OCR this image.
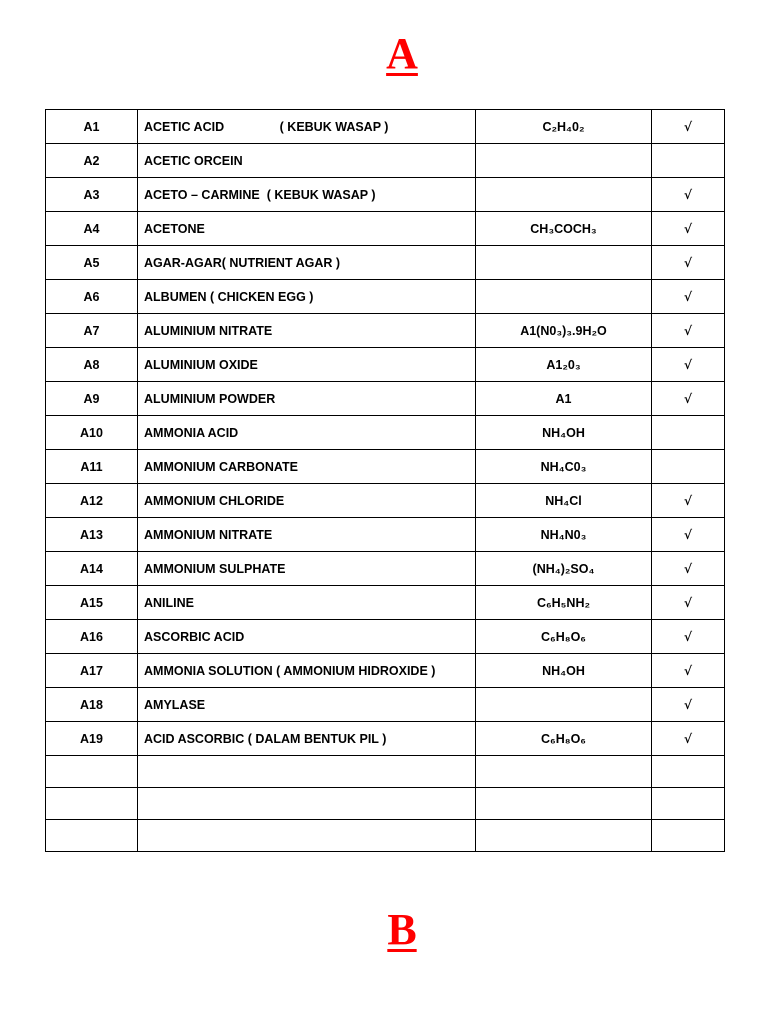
A
A1	ACETIC ACID                ( KEBUK WASAP )	C₂H₄0₂	√
A2	ACETIC ORCEIN		
A3	ACETO – CARMINE  ( KEBUK WASAP )		√
A4	ACETONE	CH₃COCH₃	√
A5	AGAR-AGAR( NUTRIENT AGAR )		√
A6	ALBUMEN ( CHICKEN EGG )		√
A7	ALUMINIUM NITRATE	A1(N0₃)₃.9H₂O	√
A8	ALUMINIUM OXIDE	A1₂0₃	√
A9	ALUMINIUM POWDER	A1	√
A10	AMMONIA ACID	NH₄OH	
A11	AMMONIUM CARBONATE	NH₄C0₃	
A12	AMMONIUM CHLORIDE	NH₄Cl	√
A13	AMMONIUM NITRATE	NH₄N0₃	√
A14	AMMONIUM SULPHATE	(NH₄)₂SO₄	√
A15	ANILINE	C₆H₅NH₂	√
A16	ASCORBIC ACID	C₆H₈O₆	√
A17	AMMONIA SOLUTION ( AMMONIUM HIDROXIDE )	NH₄OH	√
A18	AMYLASE		√
A19	ACID ASCORBIC ( DALAM BENTUK PIL )	C₆H₈O₆	√

B
